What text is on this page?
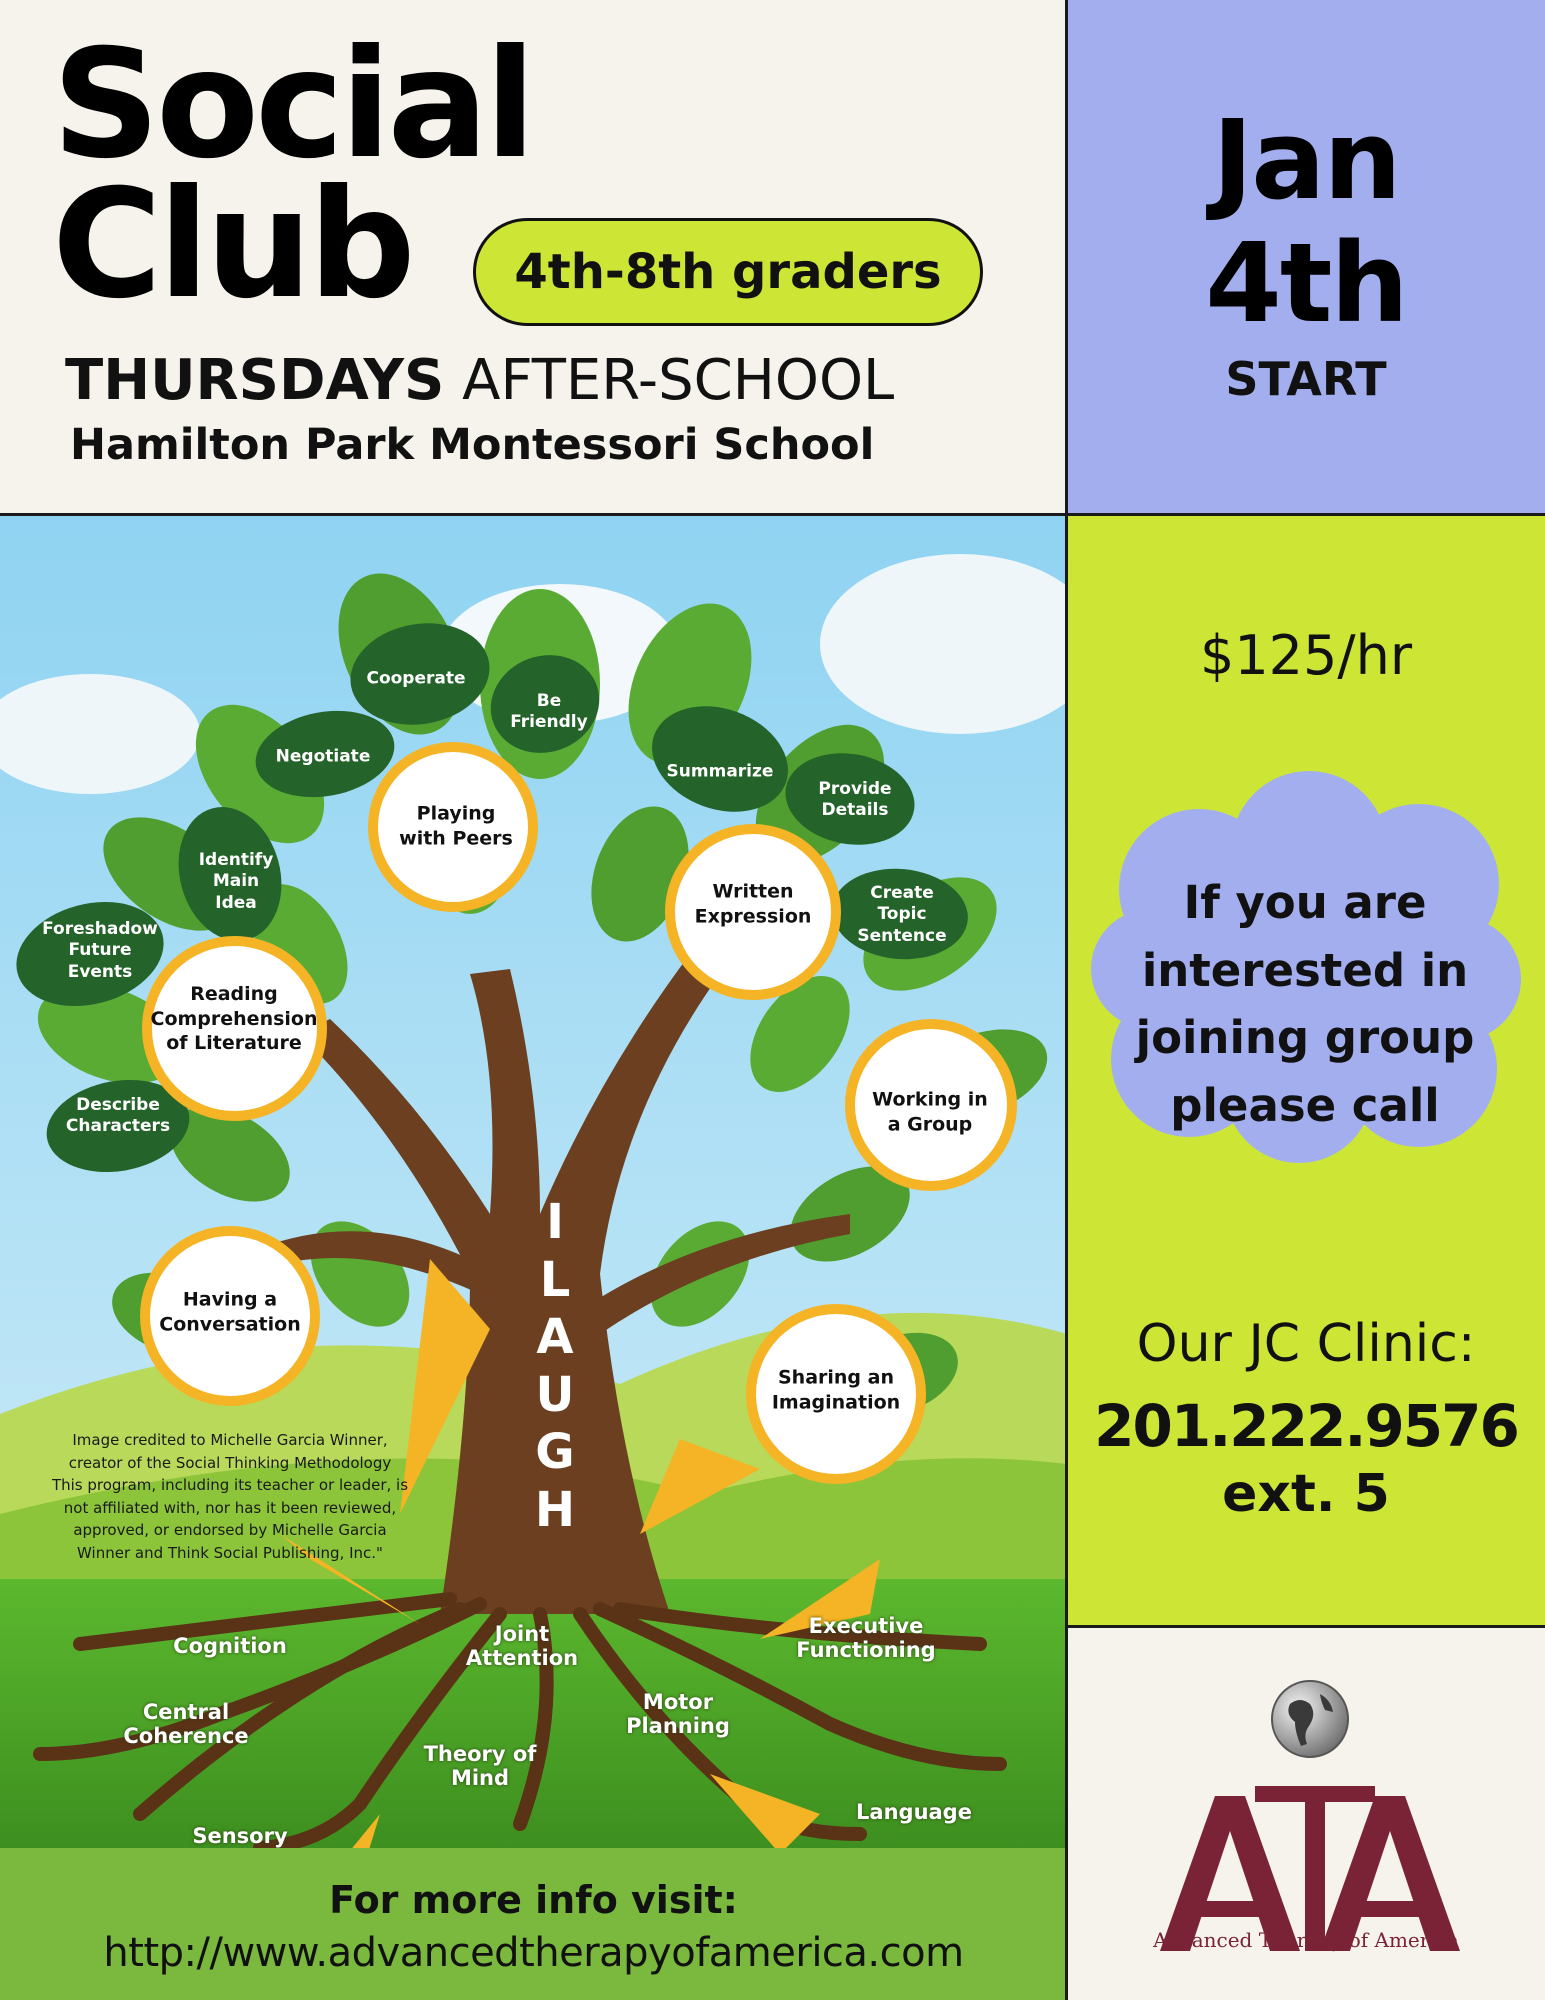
Social
Club 4th-8th graders
THURSDAYS AFTER-SCHOOL
Hamilton Park Montessori School
Jan
4th
START
Cooperate
Be
Friendly
Negotiate
Summarize
Provide
Details
Identify
Main
Idea	Create
Topic
Sentence
Foreshadow
Future
Events
Describe
Characters
Playing
with Peers
Written
Expression
Reading
Comprehension
of Literature
Working in
a Group
Having a
Conversation
Sharing an
Imagination
I
L
A
U
G
H
Image credited to Michelle Garcia Winner,
creator of the Social Thinking Methodology
This program, including its teacher or leader, is
not affiliated with, nor has it been reviewed,
approved, or endorsed by Michelle Garcia
Winner and Think Social Publishing, Inc."
Cognition
Joint
Attention
Executive
Functioning
Central
Coherence
Motor
Planning
Theory of
Mind
Language
Sensory
$125/hr
If you are
interested in
joining group
please call
Our JC Clinic:
201.222.9576
ext. 5
Advanced Therapy of America
For more info visit:
http://www.advancedtherapyofamerica.com
